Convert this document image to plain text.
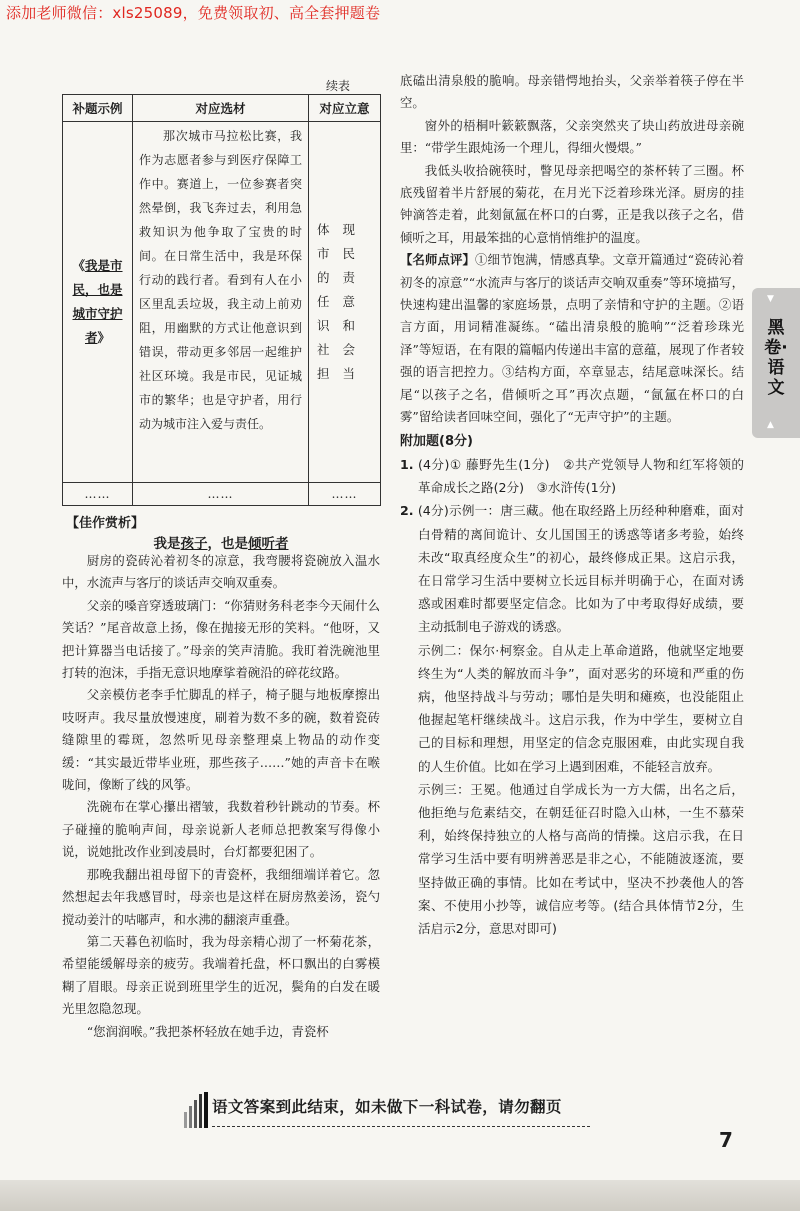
添加老师微信：xls25089，免费领取初、高全套押题卷
续表
补题示例	对应选材	对应立意
《我是市民，也是城市守护者》	那次城市马拉松比赛，我作为志愿者参与到医疗保障工作中。赛道上，一位参赛者突然晕倒，我飞奔过去，利用急救知识为他争取了宝贵的时间。在日常生活中，我是环保行动的践行者。看到有人在小区里乱丢垃圾，我主动上前劝阻，用幽默的方式让他意识到错误，带动更多邻居一起维护社区环境。我是市民，见证城市的繁华；也是守护者，用行动为城市注入爱与责任。	体现市民的责任意识和社会担当
……	……	……
【佳作赏析】
我是孩子，也是倾听者

厨房的瓷砖沁着初冬的凉意，我弯腰将瓷碗放入温水中，水流声与客厅的谈话声交响双重奏。

父亲的嗓音穿透玻璃门：“你猜财务科老李今天闹什么笑话？”尾音故意上扬，像在抛接无形的笑料。“他呀，又把计算器当电话接了。”母亲的笑声清脆。我盯着洗碗池里打转的泡沫，手指无意识地摩挲着碗沿的碎花纹路。

父亲模仿老李手忙脚乱的样子，椅子腿与地板摩擦出吱呀声。我尽量放慢速度，刷着为数不多的碗，数着瓷砖缝隙里的霉斑，忽然听见母亲整理桌上物品的动作变缓：“其实最近带毕业班，那些孩子……”她的声音卡在喉咙间，像断了线的风筝。

洗碗布在掌心攥出褶皱，我数着秒针跳动的节奏。杯子碰撞的脆响声间，母亲说新人老师总把教案写得像小说，说她批改作业到凌晨时，台灯都要犯困了。

那晚我翻出祖母留下的青瓷杯，我细细端详着它。忽然想起去年我感冒时，母亲也是这样在厨房熬姜汤，瓷勺搅动姜汁的咕嘟声，和水沸的翻滚声重叠。

第二天暮色初临时，我为母亲精心沏了一杯菊花茶，希望能缓解母亲的疲劳。我端着托盘，杯口飘出的白雾模糊了眉眼。母亲正说到班里学生的近况，鬓角的白发在暖光里忽隐忽现。

“您润润喉。”我把茶杯轻放在她手边，青瓷杯

底磕出清泉般的脆响。母亲错愕地抬头，父亲举着筷子停在半空。

窗外的梧桐叶簌簌飘落，父亲突然夹了块山药放进母亲碗里：“带学生跟炖汤一个理儿，得细火慢煨。”

我低头收拾碗筷时，瞥见母亲把喝空的茶杯转了三圈。杯底残留着半片舒展的菊花，在月光下泛着珍珠光泽。厨房的挂钟滴答走着，此刻氤氲在杯口的白雾，正是我以孩子之名，借倾听之耳，用最笨拙的心意悄悄维护的温度。

【名师点评】①细节饱满，情感真挚。文章开篇通过“瓷砖沁着初冬的凉意”“水流声与客厅的谈话声交响双重奏”等环境描写，快速构建出温馨的家庭场景，点明了亲情和守护的主题。②语言方面，用词精准凝练。“磕出清泉般的脆响”“泛着珍珠光泽”等短语，在有限的篇幅内传递出丰富的意蕴，展现了作者较强的语言把控力。③结构方面，卒章显志，结尾意味深长。结尾“以孩子之名，借倾听之耳”再次点题，“氤氲在杯口的白雾”留给读者回味空间，强化了“无声守护”的主题。

附加题(8分)

1. (4分)① 藤野先生(1分)　②共产党领导人物和红军将领的革命成长之路(2分)　③水浒传(1分)

2. (4分)示例一：唐三藏。他在取经路上历经种种磨难，面对白骨精的离间诡计、女儿国国王的诱惑等诸多考验，始终未改“取真经度众生”的初心，最终修成正果。这启示我，在日常学习生活中要树立长远目标并明确于心，在面对诱惑或困难时都要坚定信念。比如为了中考取得好成绩，要主动抵制电子游戏的诱惑。

示例二：保尔·柯察金。自从走上革命道路，他就坚定地要终生为“人类的解放而斗争”，面对恶劣的环境和严重的伤病，他坚持战斗与劳动；哪怕是失明和瘫痪，也没能阻止他握起笔杆继续战斗。这启示我，作为中学生，要树立自己的目标和理想，用坚定的信念克服困难，由此实现自我的人生价值。比如在学习上遇到困难，不能轻言放弃。

示例三：王冕。他通过自学成长为一方大儒，出名之后，他拒绝与危素结交，在朝廷征召时隐入山林，一生不慕荣利，始终保持独立的人格与高尚的情操。这启示我，在日常学习生活中要有明辨善恶是非之心，不能随波逐流，要坚持做正确的事情。比如在考试中，坚决不抄袭他人的答案、不使用小抄等，诚信应考等。(结合具体情节2分，生活启示2分，意思对即可)

▼
黑卷·语文
▲
语文答案到此结束，如未做下一科试卷，请勿翻页
7
